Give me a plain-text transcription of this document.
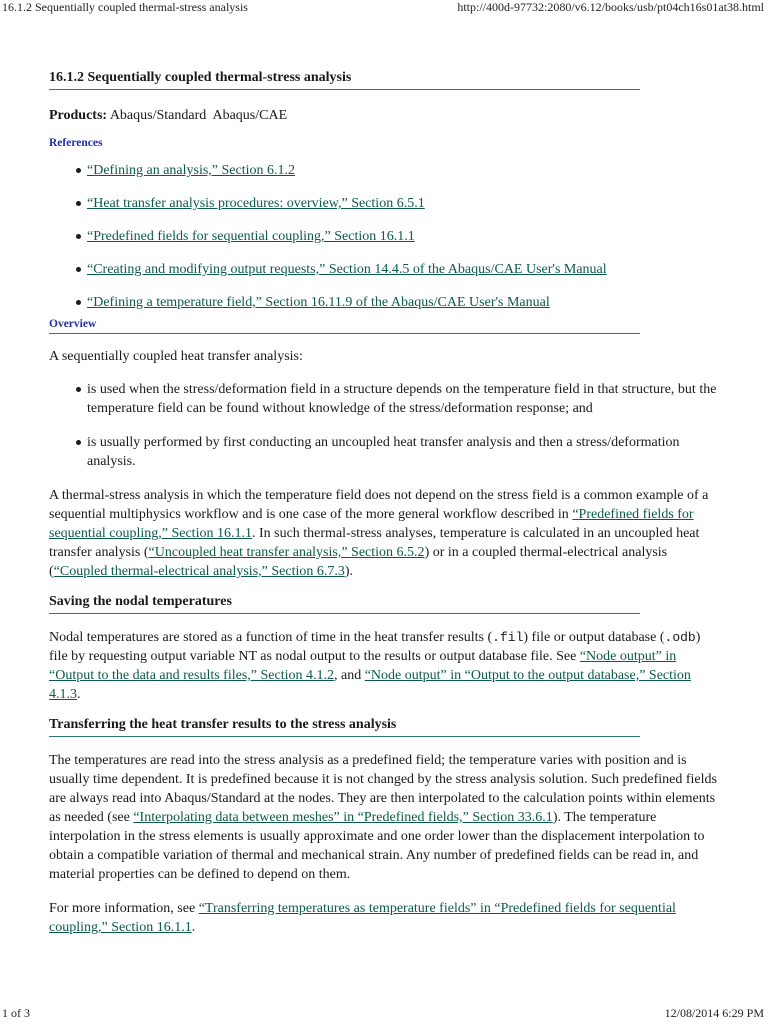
16.1.2 Sequentially coupled thermal-stress analysis	http://400d-97732:2080/v6.12/books/usb/pt04ch16s01at38.html
16.1.2 Sequentially coupled thermal-stress analysis

Products: Abaqus/Standard  Abaqus/CAE

References
“Defining an analysis,” Section 6.1.2
“Heat transfer analysis procedures: overview,” Section 6.5.1
“Predefined fields for sequential coupling,” Section 16.1.1
“Creating and modifying output requests,” Section 14.4.5 of the Abaqus/CAE User's Manual
“Defining a temperature field,” Section 16.11.9 of the Abaqus/CAE User's Manual
Overview

A sequentially coupled heat transfer analysis:

is used when the stress/deformation field in a structure depends on the temperature field in that structure, but the temperature field can be found without knowledge of the stress/deformation response; and
is usually performed by first conducting an uncoupled heat transfer analysis and then a stress/deformation analysis.

A thermal-stress analysis in which the temperature field does not depend on the stress field is a common example of a sequential multiphysics workflow and is one case of the more general workflow described in “Predefined fields for sequential coupling,” Section 16.1.1. In such thermal-stress analyses, temperature is calculated in an uncoupled heat transfer analysis (“Uncoupled heat transfer analysis,” Section 6.5.2) or in a coupled thermal-electrical analysis (“Coupled thermal-electrical analysis,” Section 6.7.3).

Saving the nodal temperatures

Nodal temperatures are stored as a function of time in the heat transfer results (.fil) file or output database (.odb) file by requesting output variable NT as nodal output to the results or output database file. See “Node output” in “Output to the data and results files,” Section 4.1.2, and “Node output” in “Output to the output database,” Section 4.1.3.

Transferring the heat transfer results to the stress analysis

The temperatures are read into the stress analysis as a predefined field; the temperature varies with position and is usually time dependent. It is predefined because it is not changed by the stress analysis solution. Such predefined fields are always read into Abaqus/Standard at the nodes. They are then interpolated to the calculation points within elements as needed (see “Interpolating data between meshes” in “Predefined fields,” Section 33.6.1). The temperature interpolation in the stress elements is usually approximate and one order lower than the displacement interpolation to obtain a compatible variation of thermal and mechanical strain. Any number of predefined fields can be read in, and material properties can be defined to depend on them.

For more information, see “Transferring temperatures as temperature fields” in “Predefined fields for sequential coupling,” Section 16.1.1.

1 of 3	12/08/2014 6:29 PM
